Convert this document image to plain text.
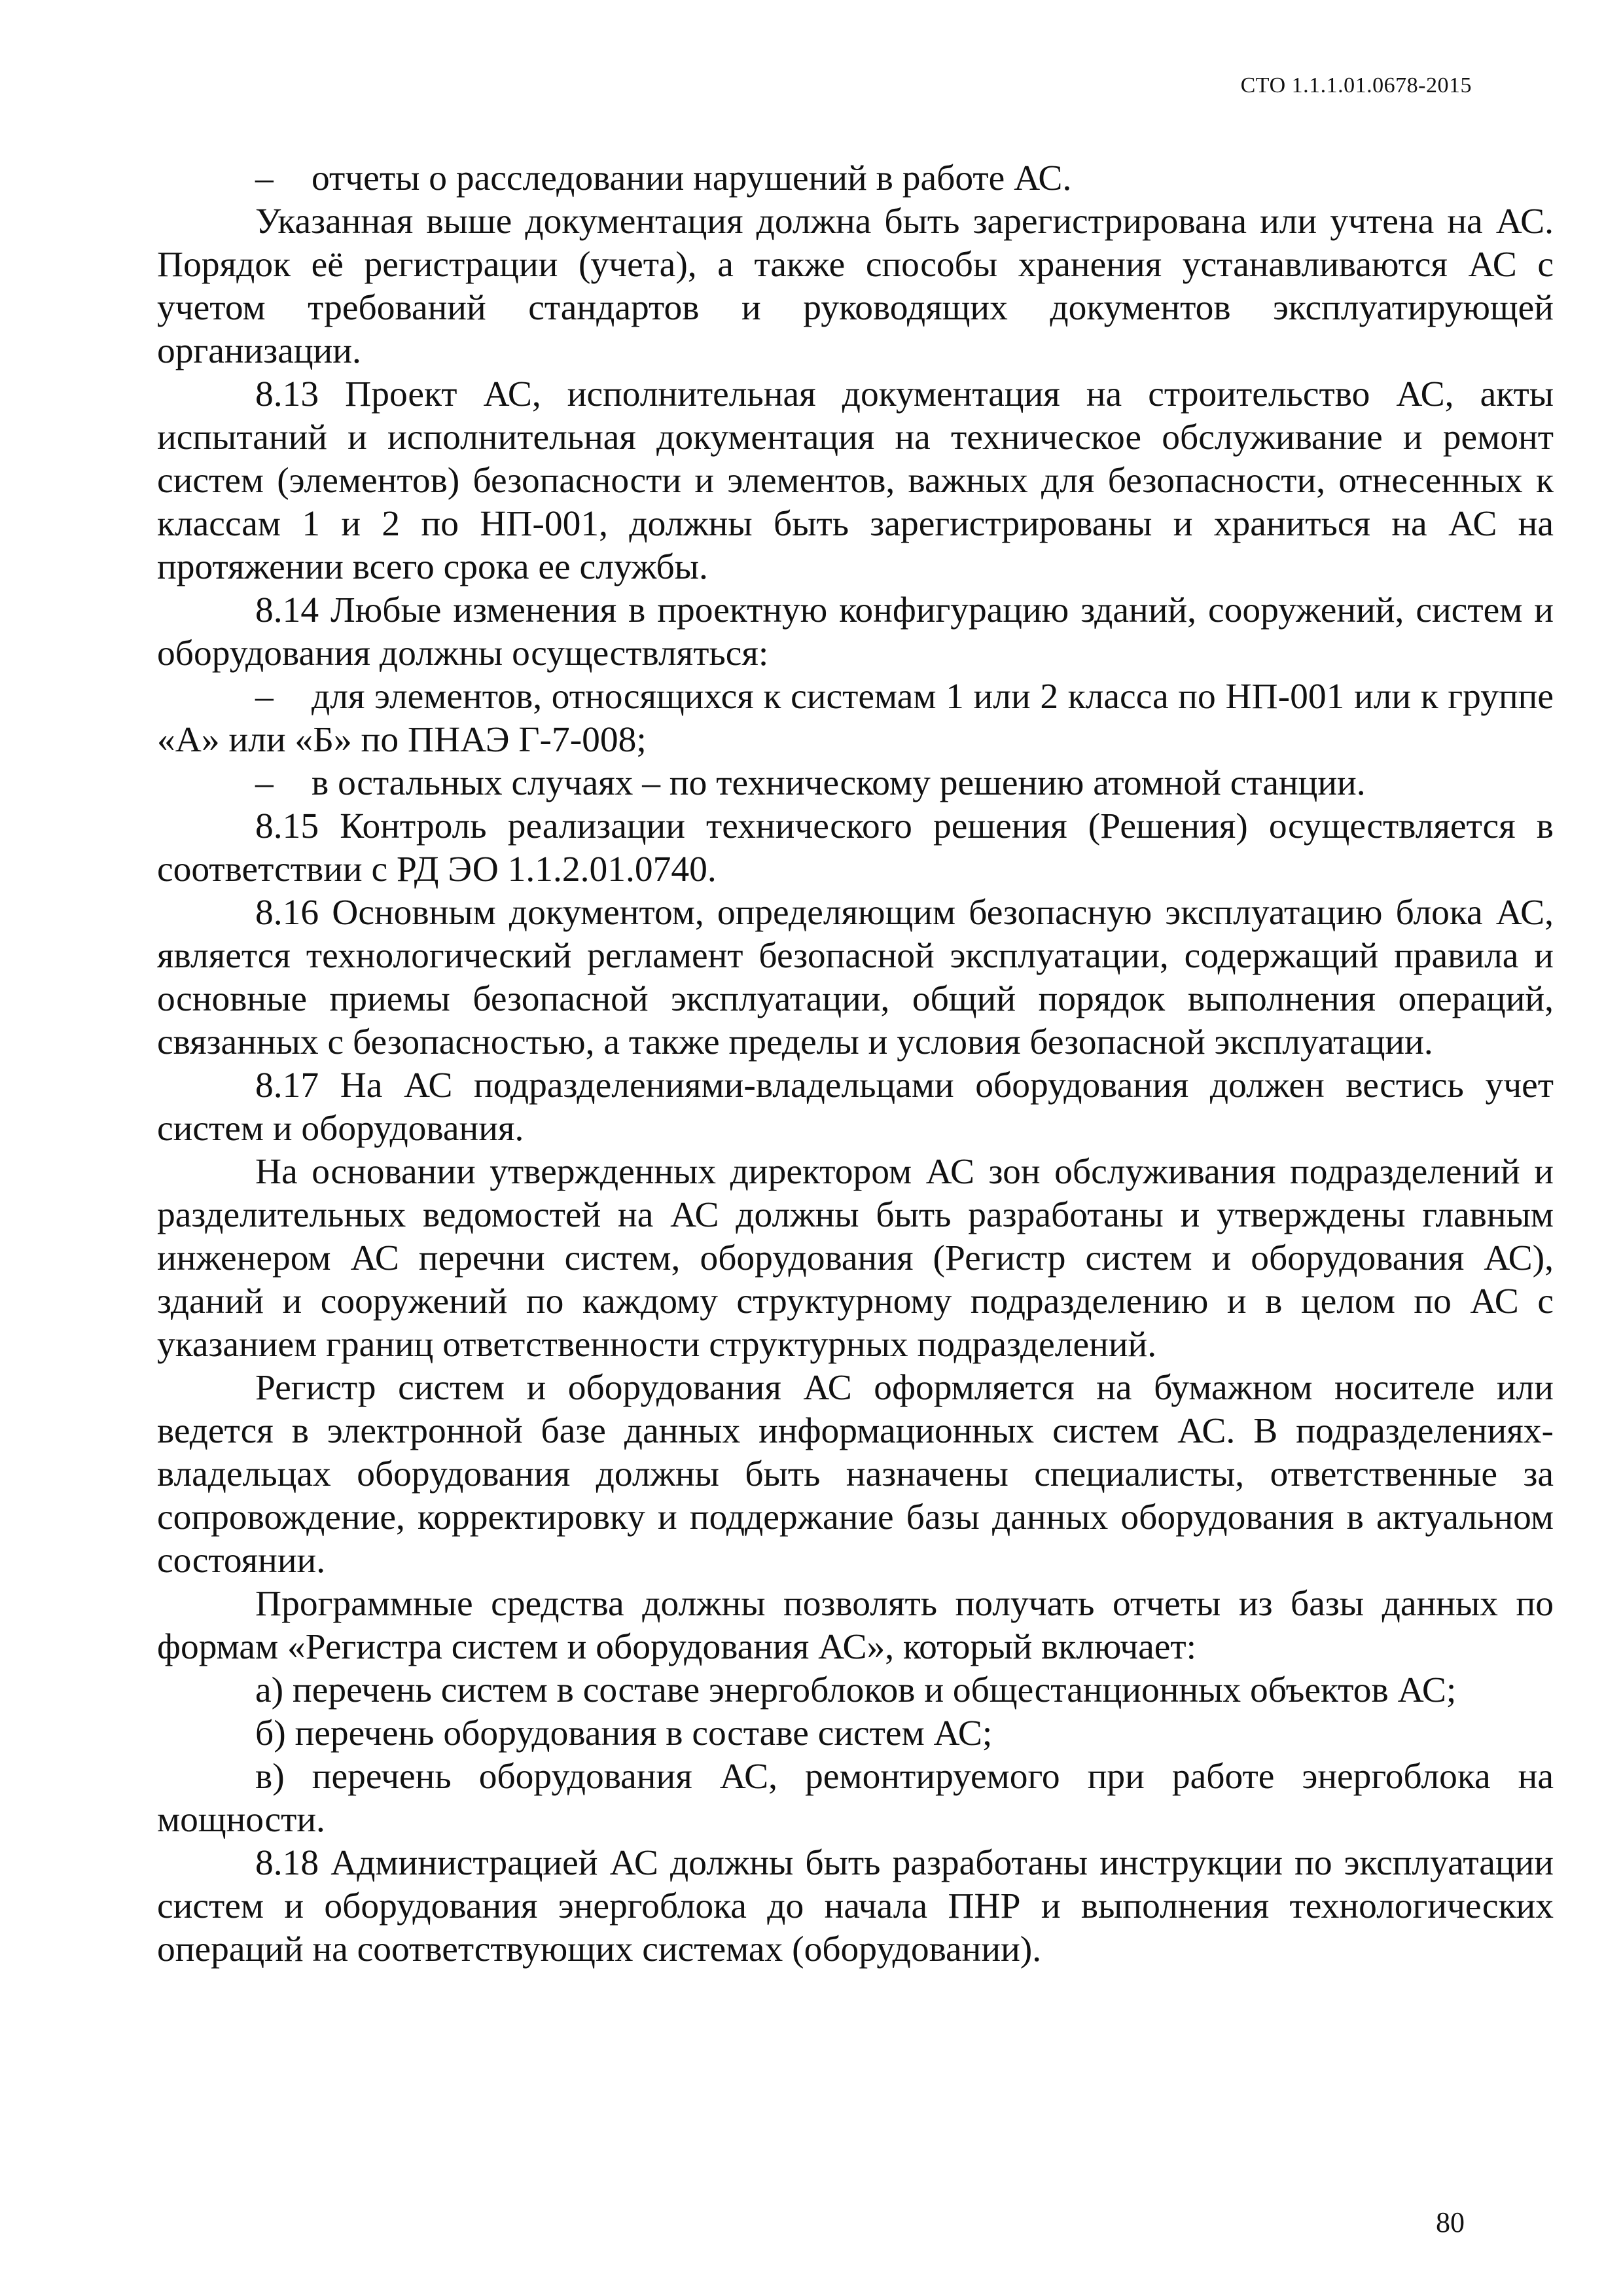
СТО 1.1.1.01.0678-2015

– отчеты о расследовании нарушений в работе АС.

Указанная выше документация должна быть зарегистрирована или учтена на АС. Порядок её регистрации (учета), а также способы хранения устанавливаются АС с учетом требований стандартов и руководящих документов эксплуатирующей организации.

8.13 Проект АС, исполнительная документация на строительство АС, акты испытаний и исполнительная документация на техническое обслуживание и ремонт систем (элементов) безопасности и элементов, важных для безопасности, отнесенных к классам 1 и 2 по НП-001, должны быть зарегистрированы и храниться на АС на протяжении всего срока ее службы.

8.14 Любые изменения в проектную конфигурацию зданий, сооружений, систем и оборудования должны осуществляться:

– для элементов, относящихся к системам 1 или 2 класса по НП-001 или к группе «А» или «Б» по ПНАЭ Г-7-008;

– в остальных случаях – по техническому решению атомной станции.

8.15 Контроль реализации технического решения (Решения) осуществляется в соответствии с РД ЭО 1.1.2.01.0740.

8.16 Основным документом, определяющим безопасную эксплуатацию блока АС, является технологический регламент безопасной эксплуатации, содержащий правила и основные приемы безопасной эксплуатации, общий порядок выполнения операций, связанных с безопасностью, а также пределы и условия безопасной эксплуатации.

8.17 На АС подразделениями-владельцами оборудования должен вестись учет систем и оборудования.

На основании утвержденных директором АС зон обслуживания подразделений и разделительных ведомостей на АС должны быть разработаны и утверждены главным инженером АС перечни систем, оборудования (Регистр систем и оборудования АС), зданий и сооружений по каждому структурному подразделению и в целом по АС с указанием границ ответственности структурных подразделений.

Регистр систем и оборудования АС оформляется на бумажном носителе или ведется в электронной базе данных информационных систем АС. В подразделениях-владельцах оборудования должны быть назначены специалисты, ответственные за сопровождение, корректировку и поддержание базы данных оборудования в актуальном состоянии.

Программные средства должны позволять получать отчеты из базы данных по формам «Регистра систем и оборудования АС», который включает:

а) перечень систем в составе энергоблоков и общестанционных объектов АС;

б) перечень оборудования в составе систем АС;

в) перечень оборудования АС, ремонтируемого при работе энергоблока на мощности.

8.18 Администрацией АС должны быть разработаны инструкции по эксплуатации систем и оборудования энергоблока до начала ПНР и выполнения технологических операций на соответствующих системах (оборудовании).

80
